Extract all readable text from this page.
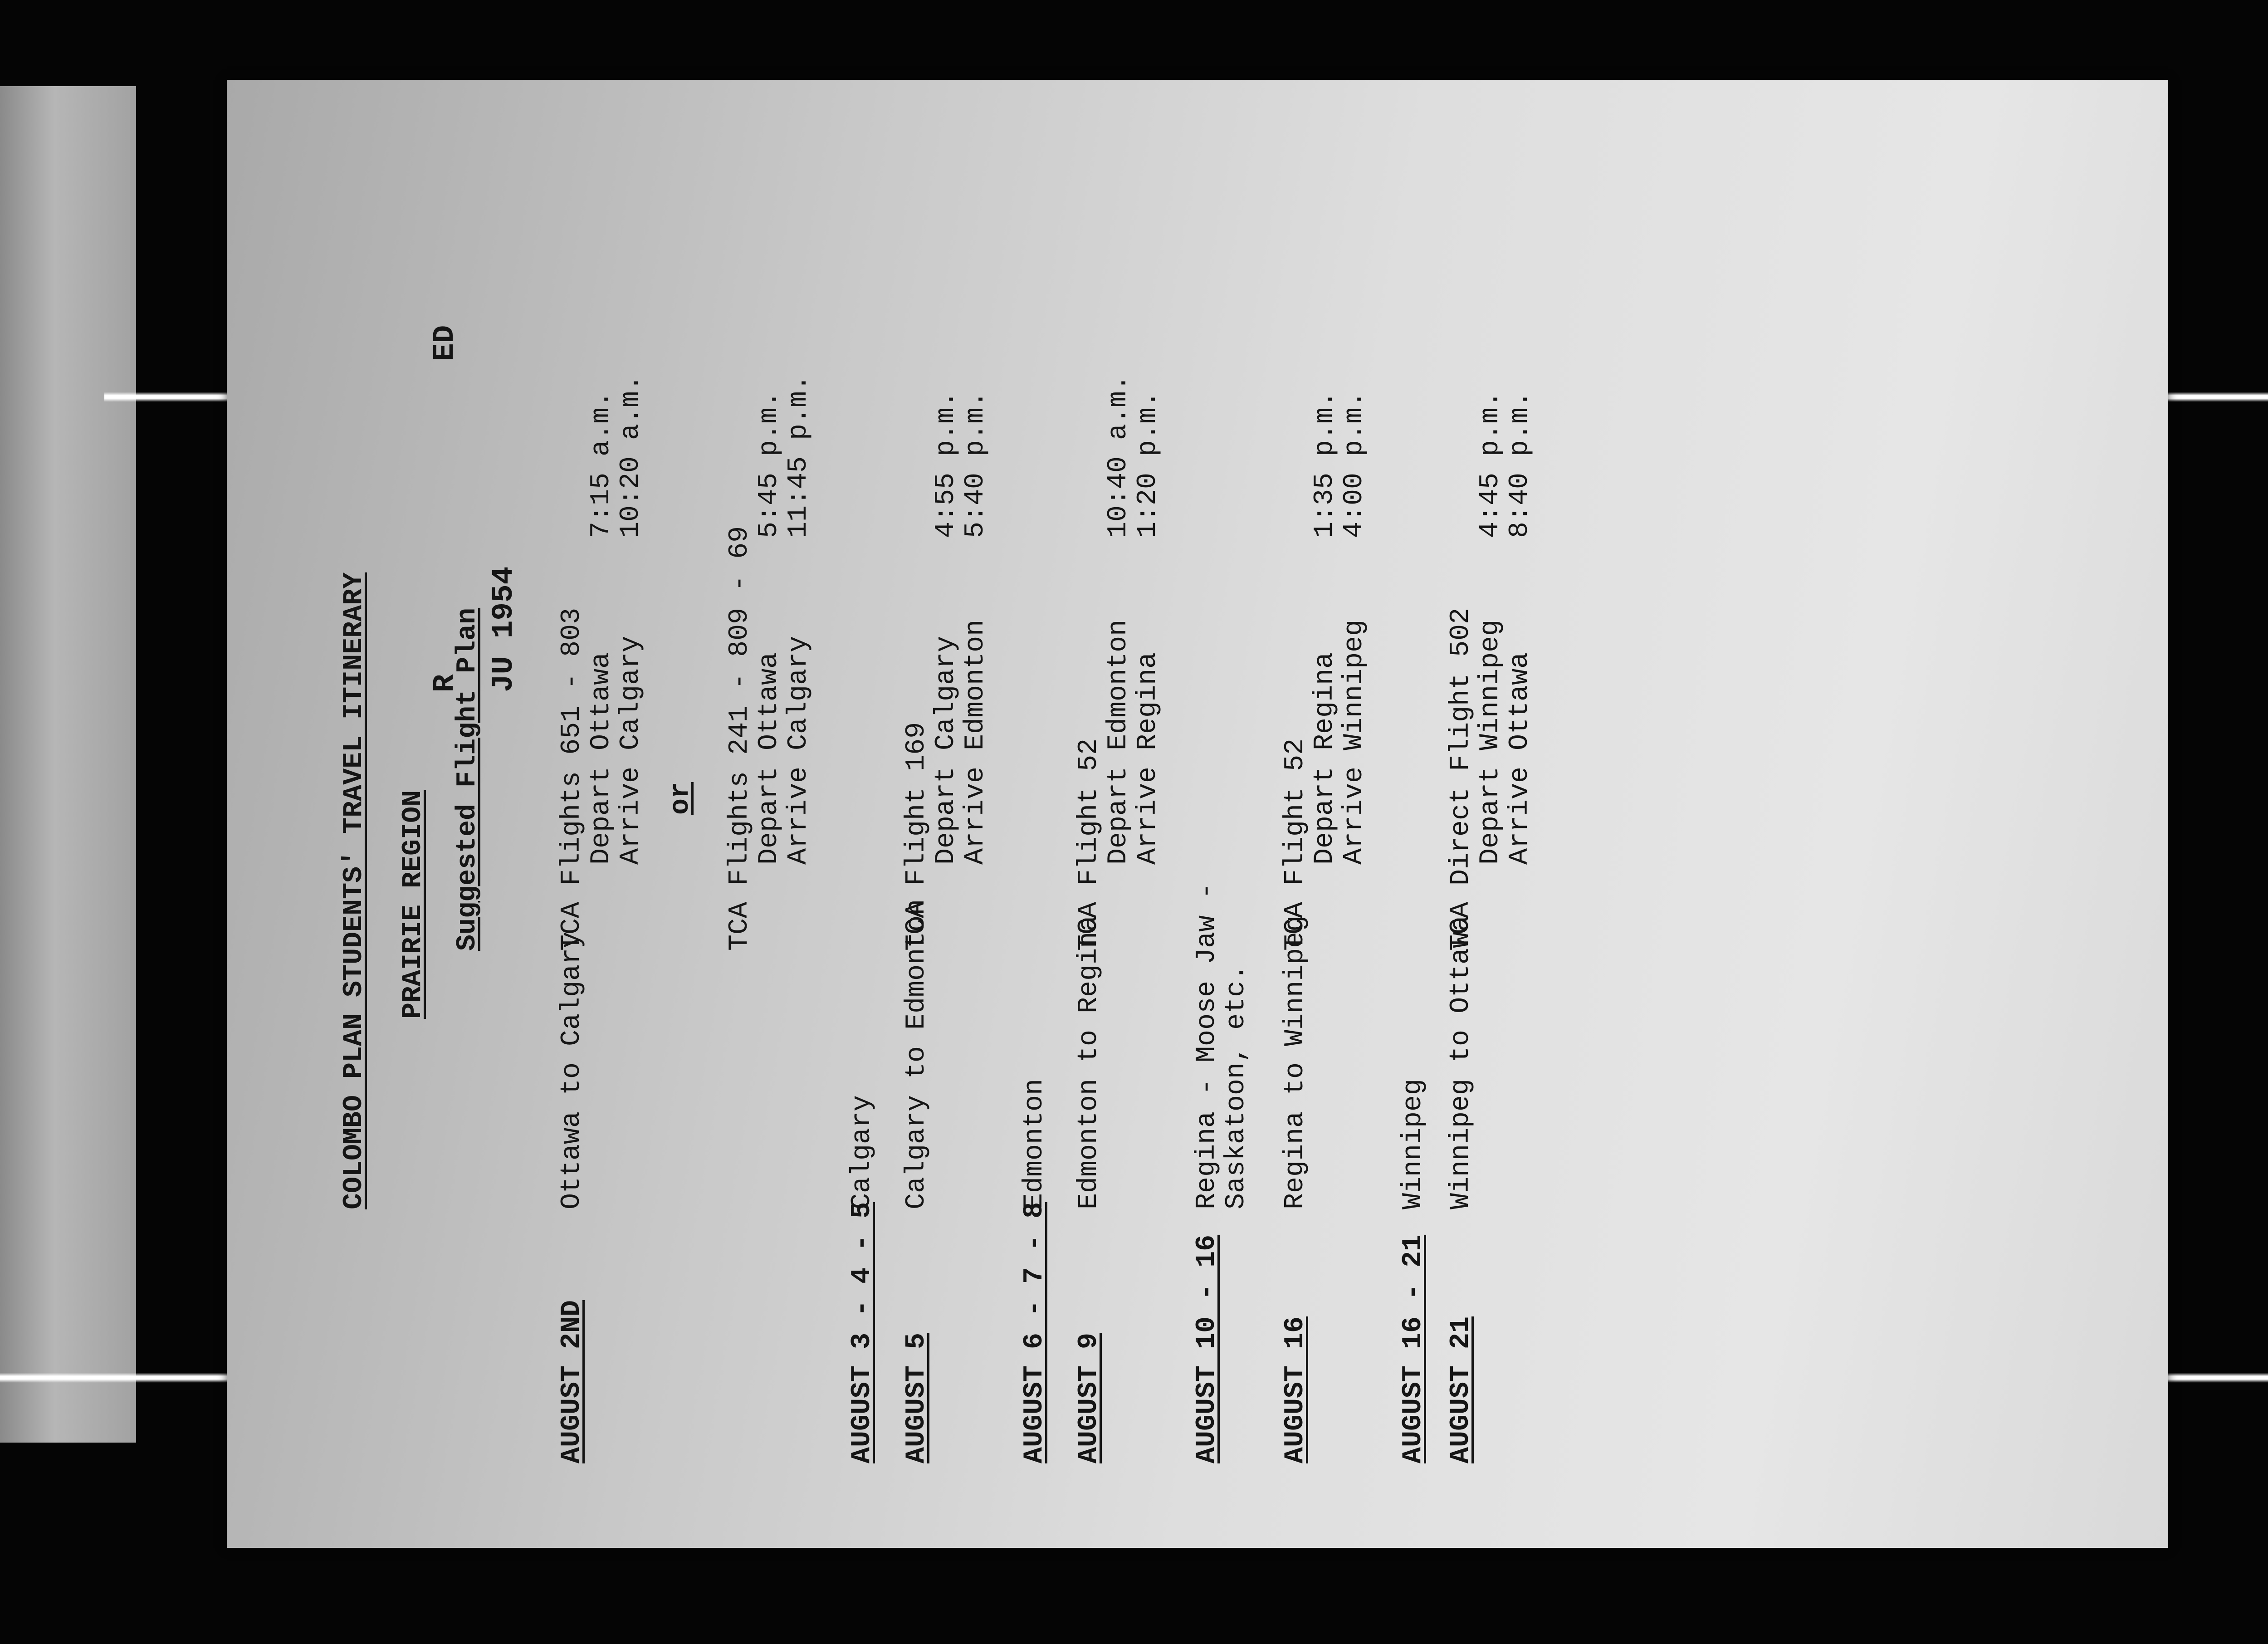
COLOMBO PLAN STUDENTS' TRAVEL ITINERARY PRAIRIE REGION Suggested Flight Plan
R JU 1954
ED
AUGUST 2ND
Ottawa to Calgary
TCA Flights 651 - 803
Depart Ottawa
Arrive Calgary
7:15 a.m.
10:20 a.m.
or TCA Flights 241 - 809 - 69
Depart Ottawa
Arrive Calgary
5:45 p.m.
11:45 p.m.
AUGUST 3 - 4 - 5
Calgary
AUGUST 5
Calgary to Edmonton
TCA Flight 169
Depart Calgary
Arrive Edmonton
4:55 p.m.
5:40 p.m.
AUGUST 6 - 7 - 8
Edmonton
AUGUST 9
Edmonton to Regina
TCA Flight 52
Depart Edmonton
Arrive Regina
10:40 a.m.
1:20 p.m.
AUGUST 10 - 16
Regina - Moose Jaw -
Saskatoon, etc.
AUGUST 16
Regina to Winnipeg
TCA Flight 52
Depart Regina
Arrive Winnipeg
1:35 p.m.
4:00 p.m.
AUGUST 16 - 21
Winnipeg
AUGUST 21
Winnipeg to Ottawa
TCA Direct Flight 502
Depart Winnipeg
Arrive Ottawa
4:45 p.m.
8:40 p.m.
